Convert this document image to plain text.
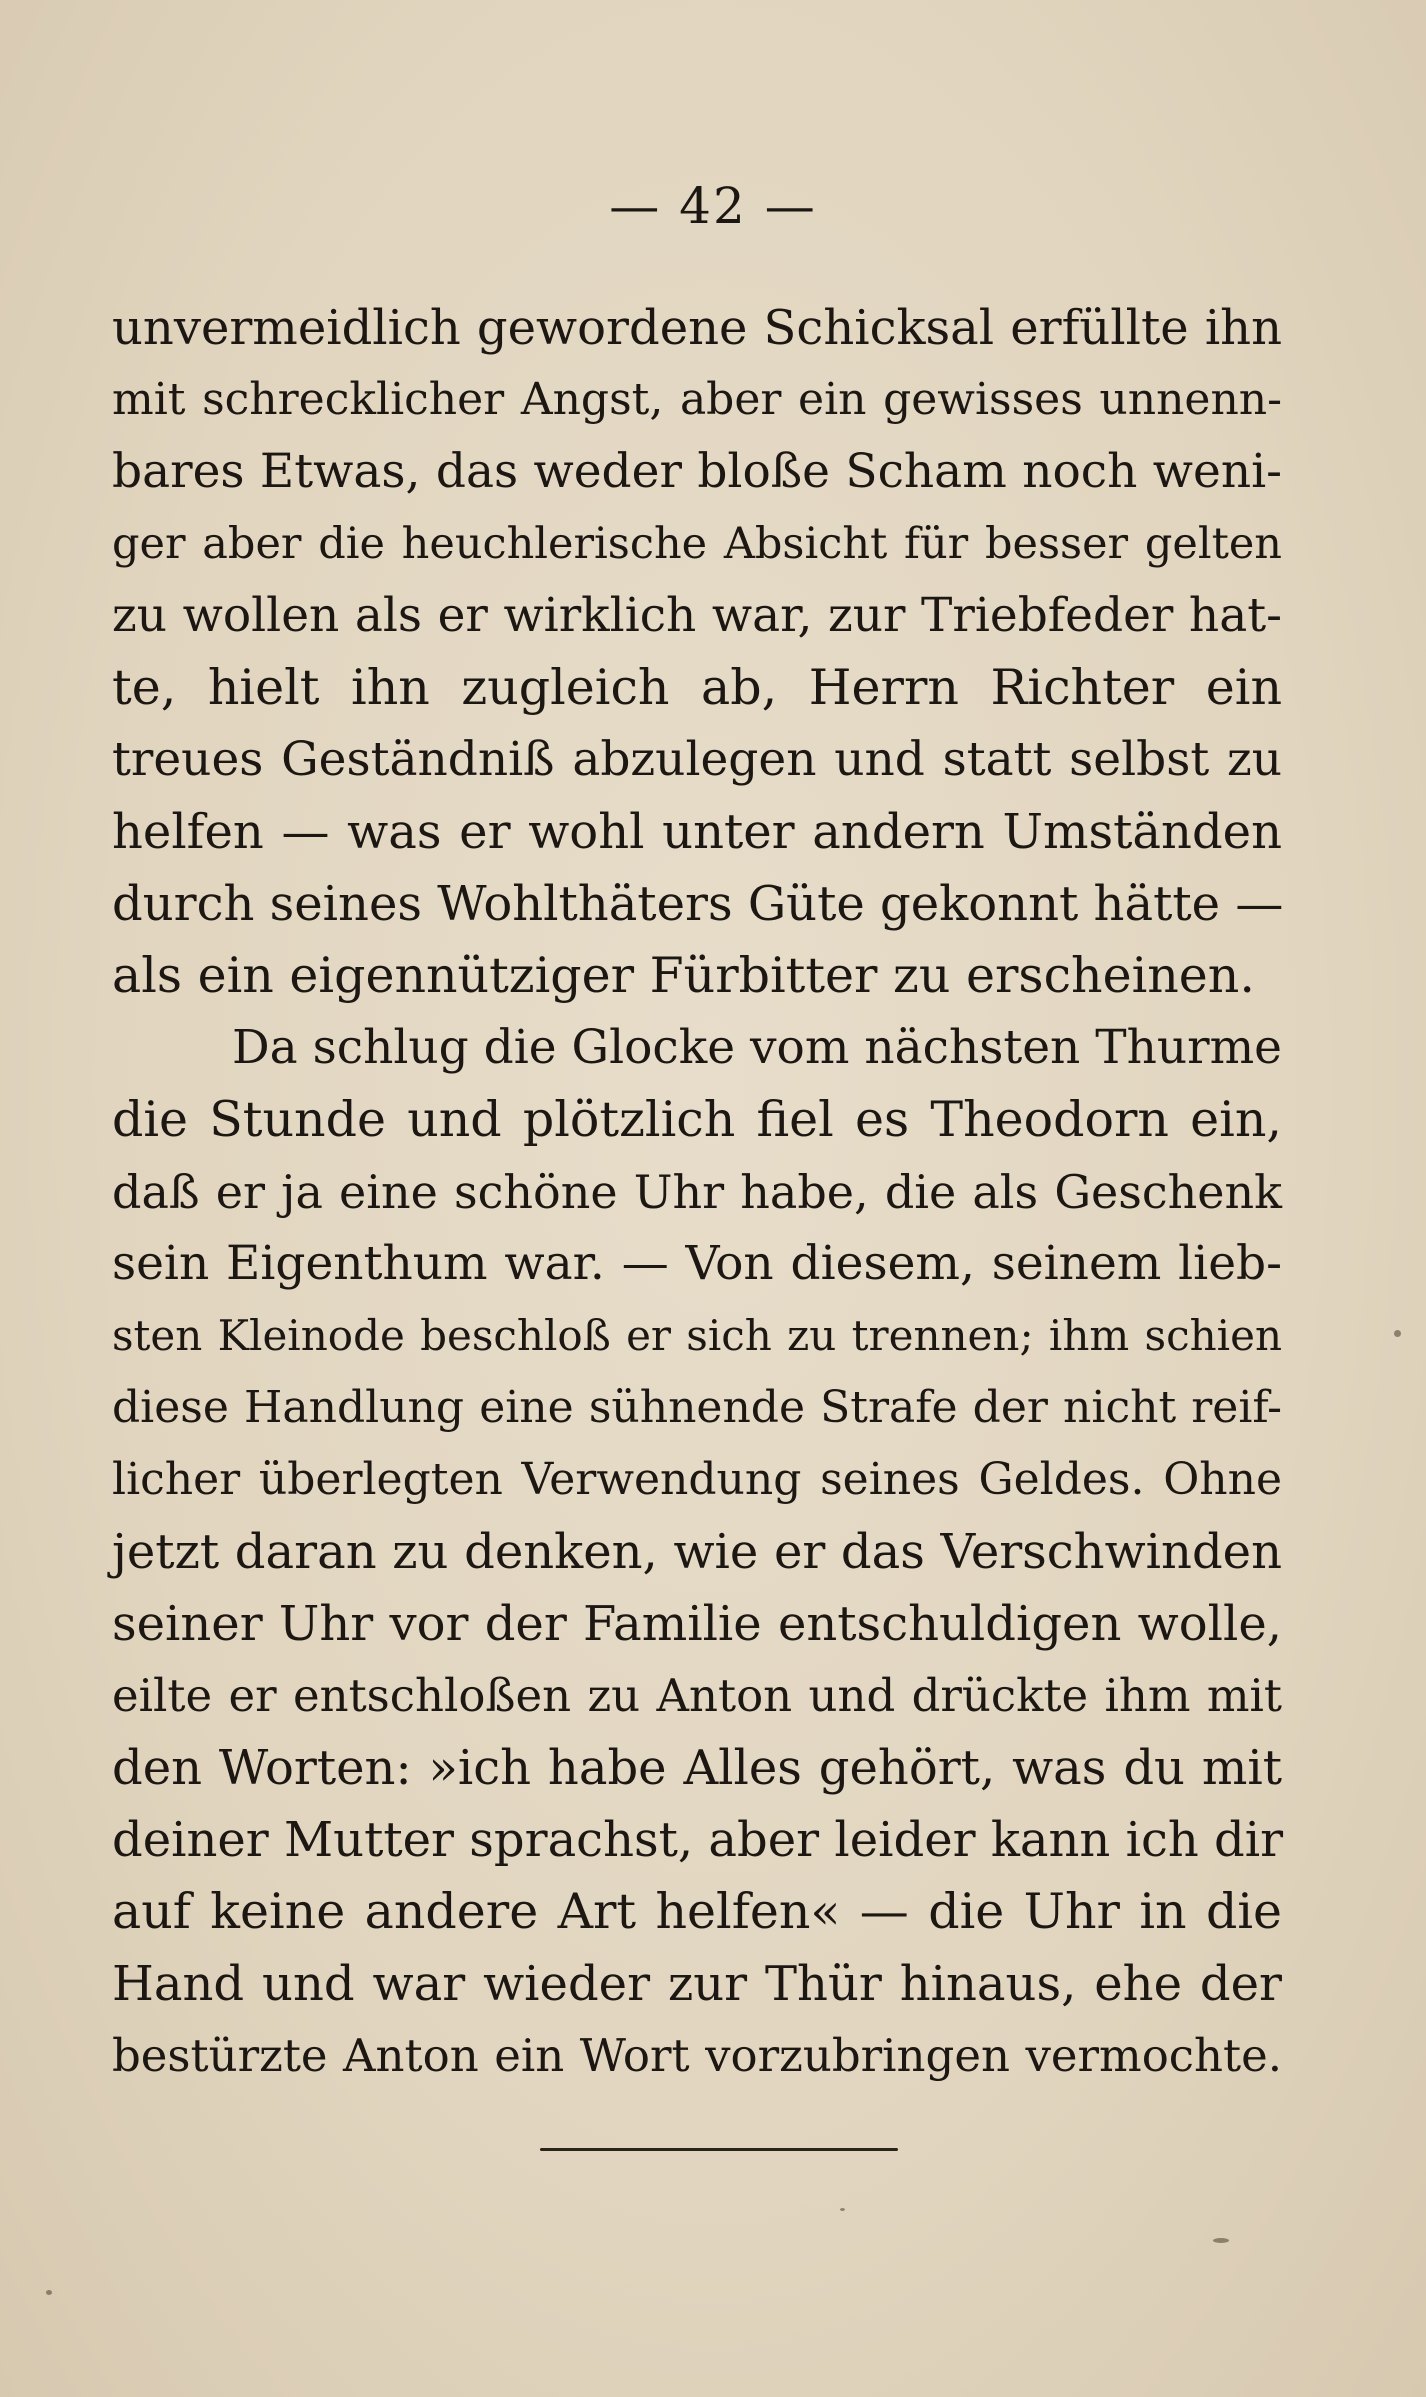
— 42 —
unvermeidlich gewordene Schicksal erfüllte ihn
mit schrecklicher Angst, aber ein gewisses unnenn-
bares Etwas, das weder bloße Scham noch weni-
ger aber die heuchlerische Absicht für besser gelten
zu wollen als er wirklich war, zur Triebfeder hat-
te, hielt ihn zugleich ab, Herrn Richter ein
treues Geständniß abzulegen und statt selbst zu
helfen — was er wohl unter andern Umständen
durch seines Wohlthäters Güte gekonnt hätte —
als ein eigennütziger Fürbitter zu erscheinen.
Da schlug die Glocke vom nächsten Thurme
die Stunde und plötzlich fiel es Theodorn ein,
daß er ja eine schöne Uhr habe, die als Geschenk
sein Eigenthum war. — Von diesem, seinem lieb-
sten Kleinode beschloß er sich zu trennen; ihm schien
diese Handlung eine sühnende Strafe der nicht reif-
licher überlegten Verwendung seines Geldes. Ohne
jetzt daran zu denken, wie er das Verschwinden
seiner Uhr vor der Familie entschuldigen wolle,
eilte er entschloßen zu Anton und drückte ihm mit
den Worten: »ich habe Alles gehört, was du mit
deiner Mutter sprachst, aber leider kann ich dir
auf keine andere Art helfen« — die Uhr in die
Hand und war wieder zur Thür hinaus, ehe der
bestürzte Anton ein Wort vorzubringen vermochte.
